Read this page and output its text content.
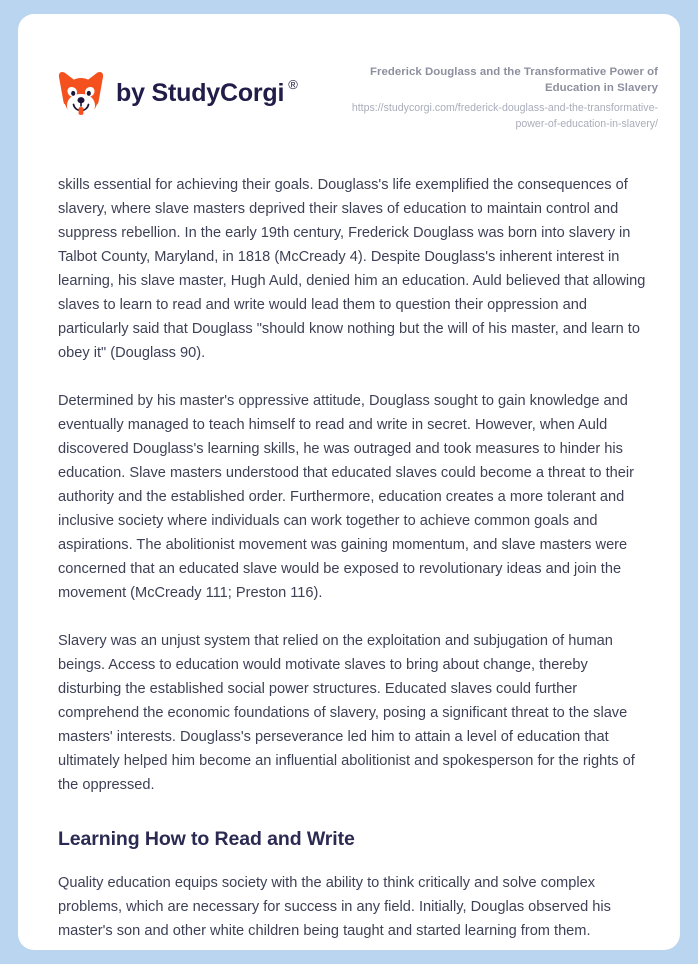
by StudyCorgi ®
Frederick Douglass and the Transformative Power of Education in Slavery
https://studycorgi.com/frederick-douglass-and-the-transformative-power-of-education-in-slavery/

skills essential for achieving their goals. Douglass's life exemplified the consequences of slavery, where slave masters deprived their slaves of education to maintain control and suppress rebellion. In the early 19th century, Frederick Douglass was born into slavery in Talbot County, Maryland, in 1818 (McCready 4). Despite Douglass's inherent interest in learning, his slave master, Hugh Auld, denied him an education. Auld believed that allowing slaves to learn to read and write would lead them to question their oppression and particularly said that Douglass "should know nothing but the will of his master, and learn to obey it" (Douglass 90).

Determined by his master's oppressive attitude, Douglass sought to gain knowledge and eventually managed to teach himself to read and write in secret. However, when Auld discovered Douglass's learning skills, he was outraged and took measures to hinder his education. Slave masters understood that educated slaves could become a threat to their authority and the established order. Furthermore, education creates a more tolerant and inclusive society where individuals can work together to achieve common goals and aspirations. The abolitionist movement was gaining momentum, and slave masters were concerned that an educated slave would be exposed to revolutionary ideas and join the movement (McCready 111; Preston 116).

Slavery was an unjust system that relied on the exploitation and subjugation of human beings. Access to education would motivate slaves to bring about change, thereby disturbing the established social power structures. Educated slaves could further comprehend the economic foundations of slavery, posing a significant threat to the slave masters' interests. Douglass's perseverance led him to attain a level of education that ultimately helped him become an influential abolitionist and spokesperson for the rights of the oppressed.

Learning How to Read and Write

Quality education equips society with the ability to think critically and solve complex problems, which are necessary for success in any field. Initially, Douglas observed his master's son and other white children being taught and started learning from them.
